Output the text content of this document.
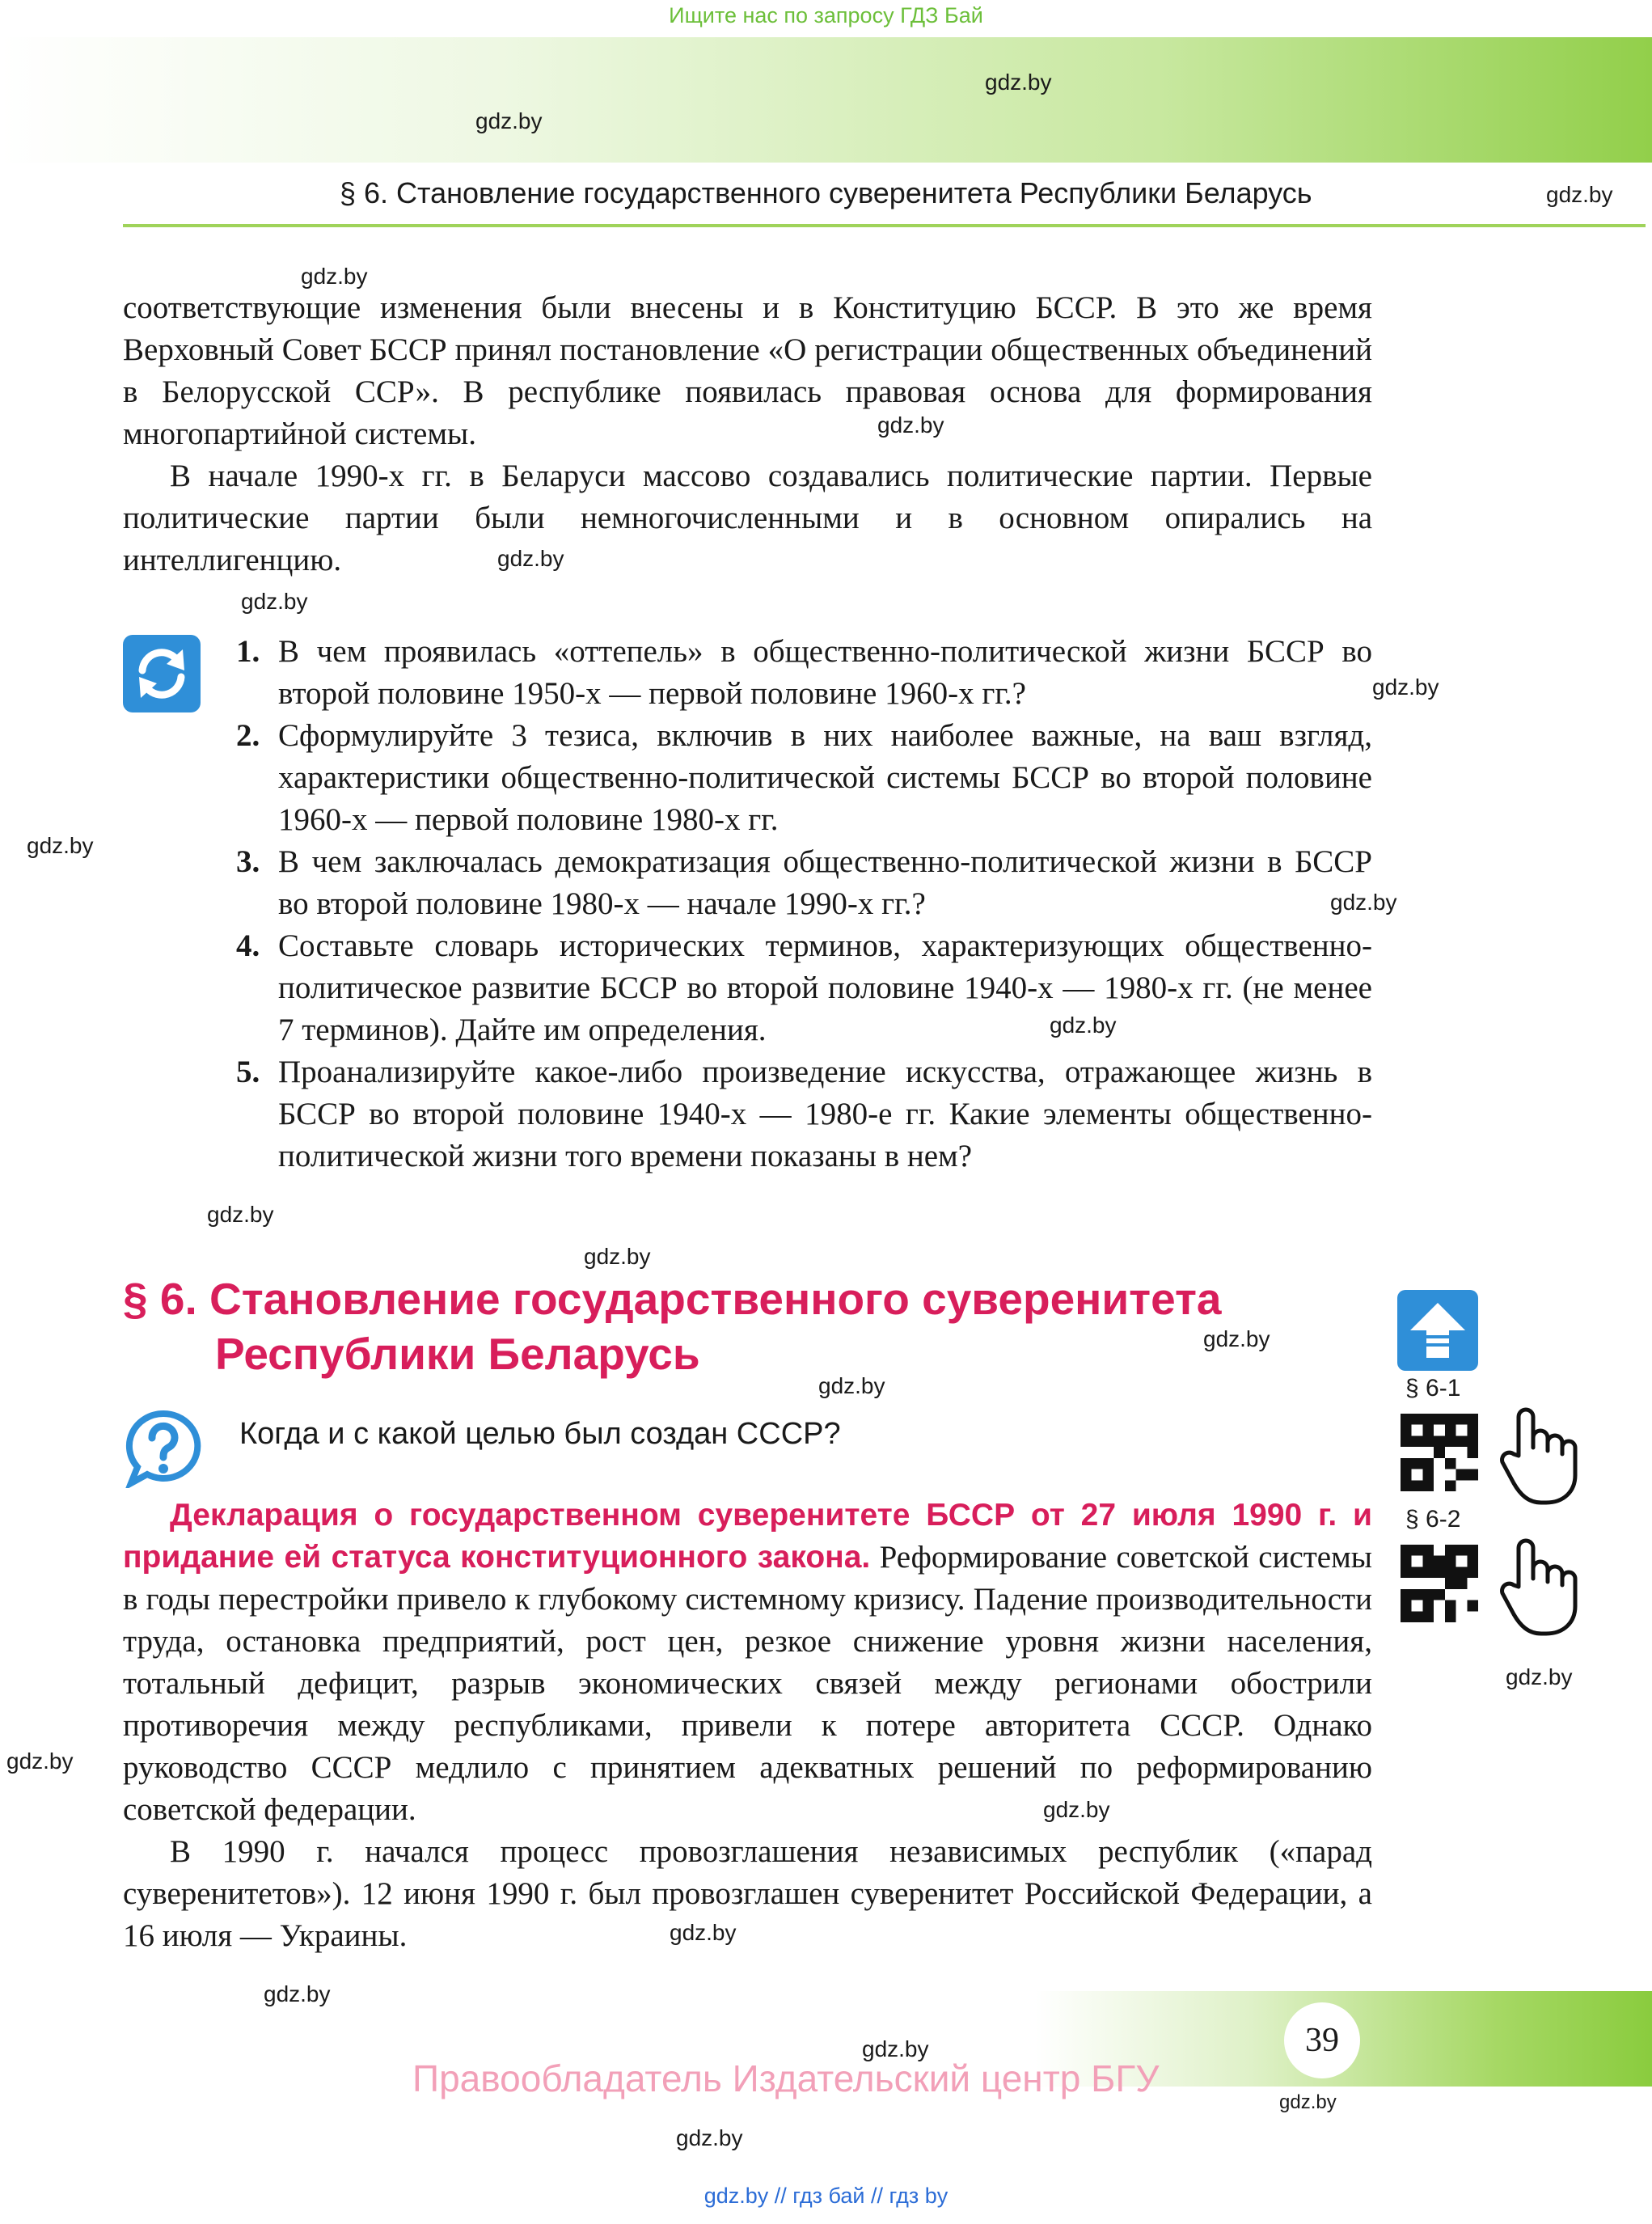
Ищите нас по запросу ГДЗ Бай
§ 6. Становление государственного суверенитета Республики Беларусь
gdz.by
gdz.by
gdz.by
gdz.by
gdz.by
gdz.by
gdz.by
gdz.by
gdz.by
gdz.by
gdz.by
gdz.by
gdz.by
gdz.by
gdz.by
gdz.by
gdz.by
gdz.by
gdz.by
gdz.by
gdz.by
gdz.by
gdz.by

соответствующие изменения были внесены и в Конституцию БССР. В это же время Верховный Совет БССР принял постановление «О регистрации общественных объединений в Белорусской ССР». В республике появилась правовая основа для формирования многопартийной системы.

В начале 1990-х гг. в Беларуси массово создавались политические партии. Первые политические партии были немногочисленными и в основном опирались на интеллигенцию.

1. В чем проявилась «оттепель» в общественно-политической жизни БССР во второй половине 1950-х — первой половине 1960-х гг.?
2. Сформулируйте 3 тезиса, включив в них наиболее важные, на ваш взгляд, характеристики общественно-политической системы БССР во второй половине 1960-х — первой половине 1980-х гг.
3. В чем заключалась демократизация общественно-политической жизни в БССР во второй половине 1980-х — начале 1990-х гг.?
4. Составьте словарь исторических терминов, характеризующих общественно-политическое развитие БССР во второй половине 1940-х — 1980-х гг. (не менее 7 терминов). Дайте им определения.
5. Проанализируйте какое-либо произведение искусства, отражающее жизнь в БССР во второй половине 1940-х — 1980-е гг. Какие элементы общественно-политической жизни того времени показаны в нем?
§ 6. Становление государственного суверенитета
Республики Беларусь
§ 6-1
§ 6-2
Когда и с какой целью был создан СССР?

Декларация о государственном суверенитете БССР от 27 июля 1990 г. и придание ей статуса конституционного закона. Реформирование советской системы в годы перестройки привело к глубокому системному кризису. Падение производительности труда, остановка предприятий, рост цен, резкое снижение уровня жизни населения, тотальный дефицит, разрыв экономических связей между регионами обострили противоречия между республиками, привели к потере авторитета СССР. Однако руководство СССР медлило с принятием адекватных решений по реформированию советской федерации.

В 1990 г. начался процесс провозглашения независимых республик («парад суверенитетов»). 12 июня 1990 г. был провозглашен суверенитет Российской Федерации, а 16 июля — Украины.

39
Правообладатель Издательский центр БГУ
gdz.by // гдз бай // гдз by
